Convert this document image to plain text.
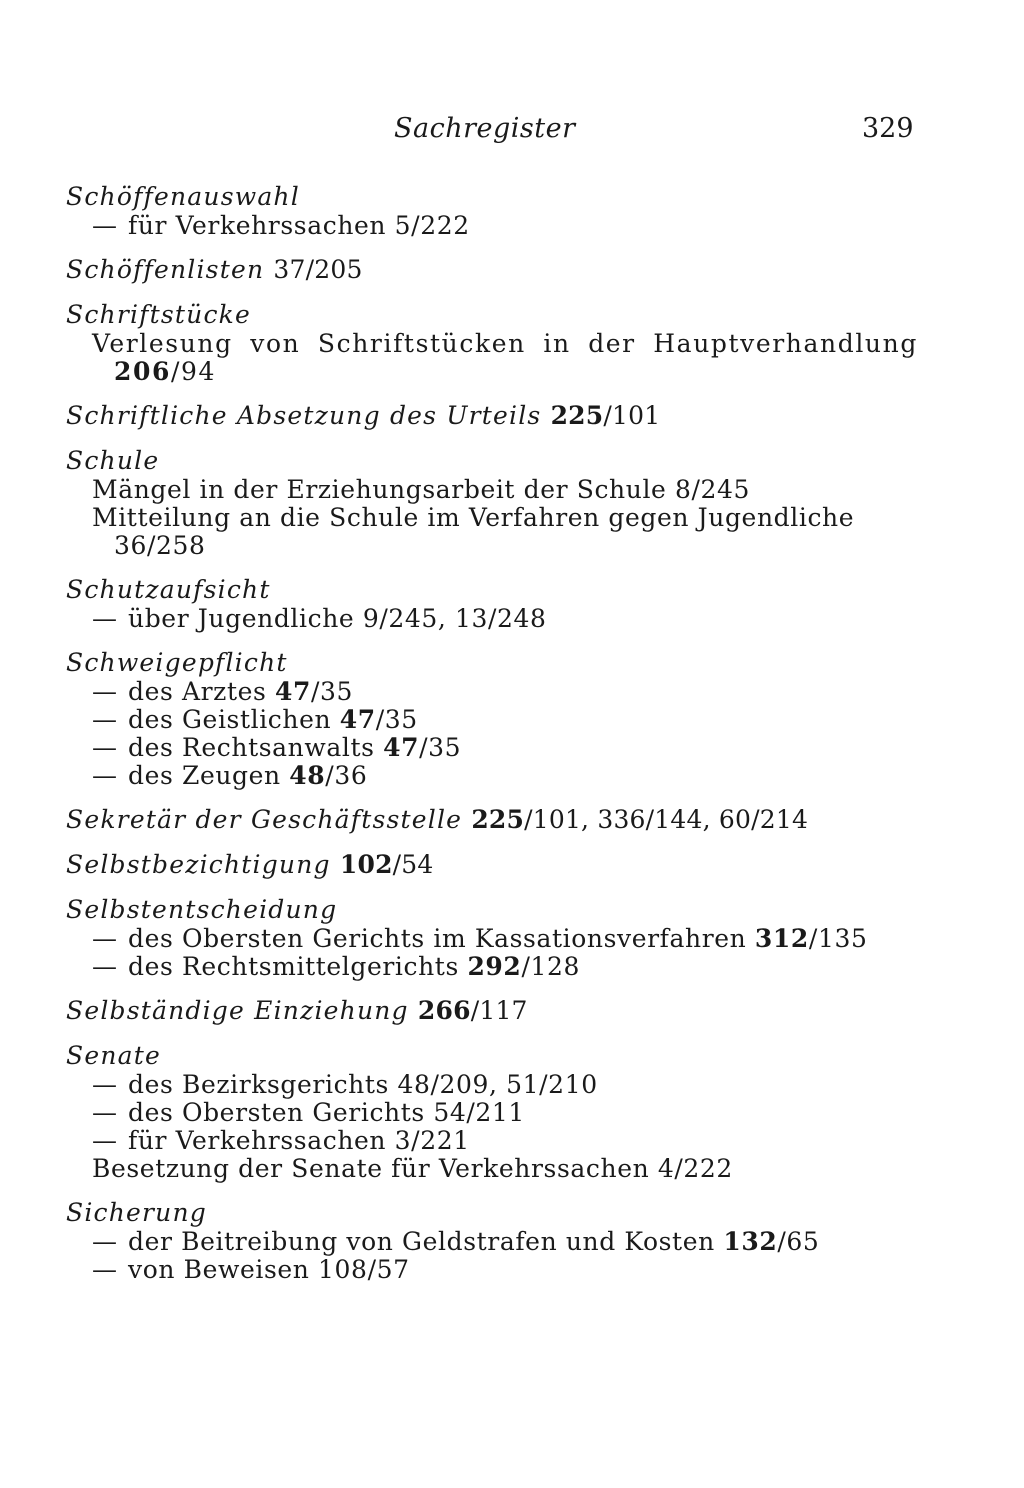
Sachregister	329
Schöffenauswahl
— für Verkehrssachen 5/222
Schöffenlisten 37/205
Schriftstücke
Verlesung von Schriftstücken in der Hauptverhandlung 206/94
Schriftliche Absetzung des Urteils 225/101
Schule
Mängel in der Erziehungsarbeit der Schule 8/245
Mitteilung an die Schule im Verfahren gegen Jugendliche 36/258
Schutzaufsicht
— über Jugendliche 9/245, 13/248
Schweigepflicht
— des Arztes 47/35
— des Geistlichen 47/35
— des Rechtsanwalts 47/35
— des Zeugen 48/36
Sekretär der Geschäftsstelle 225/101, 336/144, 60/214
Selbstbezichtigung 102/54
Selbstentscheidung
— des Obersten Gerichts im Kassationsverfahren 312/135
— des Rechtsmittelgerichts 292/128
Selbständige Einziehung 266/117
Senate
— des Bezirksgerichts 48/209, 51/210
— des Obersten Gerichts 54/211
— für Verkehrssachen 3/221
Besetzung der Senate für Verkehrssachen 4/222
Sicherung
— der Beitreibung von Geldstrafen und Kosten 132/65
— von Beweisen 108/57
